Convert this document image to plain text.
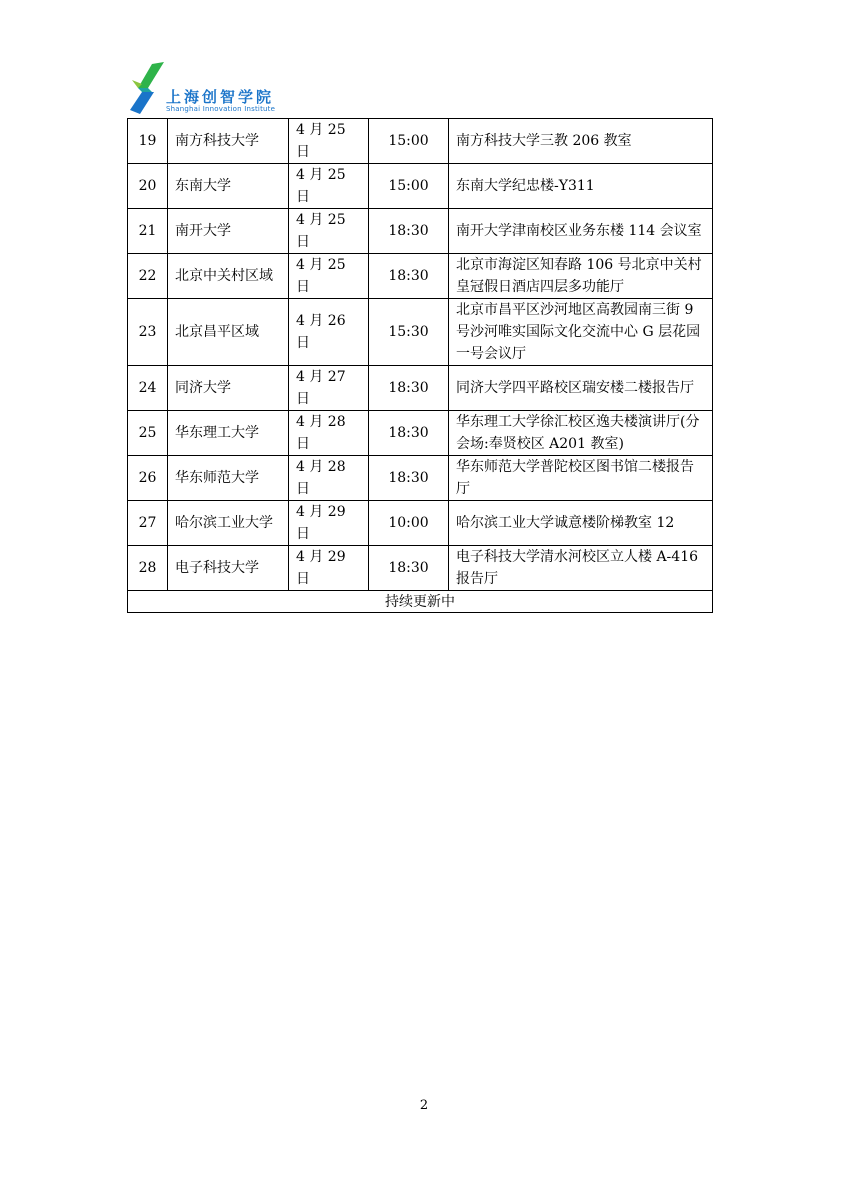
上海创智学院
Shanghai Innovation Institute
19	南方科技大学	4 月 25 日	15:00	南方科技大学三教 206 教室
20	东南大学	4 月 25 日	15:00	东南大学纪忠楼-Y311
21	南开大学	4 月 25 日	18:30	南开大学津南校区业务东楼 114 会议室
22	北京中关村区域	4 月 25 日	18:30	北京市海淀区知春路 106 号北京中关村皇冠假日酒店四层多功能厅
23	北京昌平区域	4 月 26 日	15:30	北京市昌平区沙河地区高教园南三街 9 号沙河唯实国际文化交流中心 G 层花园一号会议厅
24	同济大学	4 月 27 日	18:30	同济大学四平路校区瑞安楼二楼报告厅
25	华东理工大学	4 月 28 日	18:30	华东理工大学徐汇校区逸夫楼演讲厅(分会场:奉贤校区 A201 教室)
26	华东师范大学	4 月 28 日	18:30	华东师范大学普陀校区图书馆二楼报告厅
27	哈尔滨工业大学	4 月 29 日	10:00	哈尔滨工业大学诚意楼阶梯教室 12
28	电子科技大学	4 月 29 日	18:30	电子科技大学清水河校区立人楼 A-416 报告厅
持续更新中				
2
